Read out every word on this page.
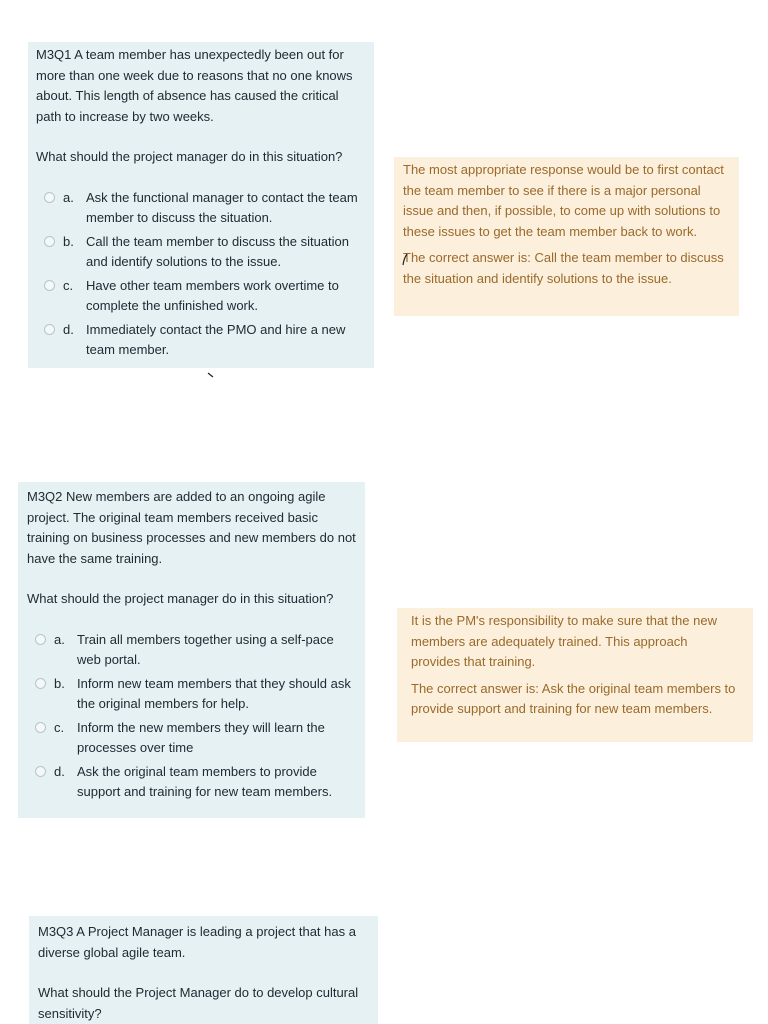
M3Q1 A team member has unexpectedly been out for more than one week due to reasons that no one knows about. This length of absence has caused the critical path to increase by two weeks.

What should the project manager do in this situation?

a. Ask the functional manager to contact the team member to discuss the situation.
b. Call the team member to discuss the situation and identify solutions to the issue.
c. Have other team members work overtime to complete the unfinished work.
d. Immediately contact the PMO and hire a new team member.

The most appropriate response would be to first contact the team member to see if there is a major personal issue and then, if possible, to come up with solutions to these issues to get the team member back to work.

The correct answer is: Call the team member to discuss the situation and identify solutions to the issue.

M3Q2 New members are added to an ongoing agile project. The original team members received basic training on business processes and new members do not have the same training.

What should the project manager do in this situation?

a. Train all members together using a self-pace web portal.
b. Inform new team members that they should ask the original members for help.
c. Inform the new members they will learn the processes over time
d. Ask the original team members to provide support and training for new team members.

It is the PM's responsibility to make sure that the new members are adequately trained. This approach provides that training.

The correct answer is: Ask the original team members to provide support and training for new team members.

M3Q3 A Project Manager is leading a project that has a diverse global agile team.

What should the Project Manager do to develop cultural sensitivity?
